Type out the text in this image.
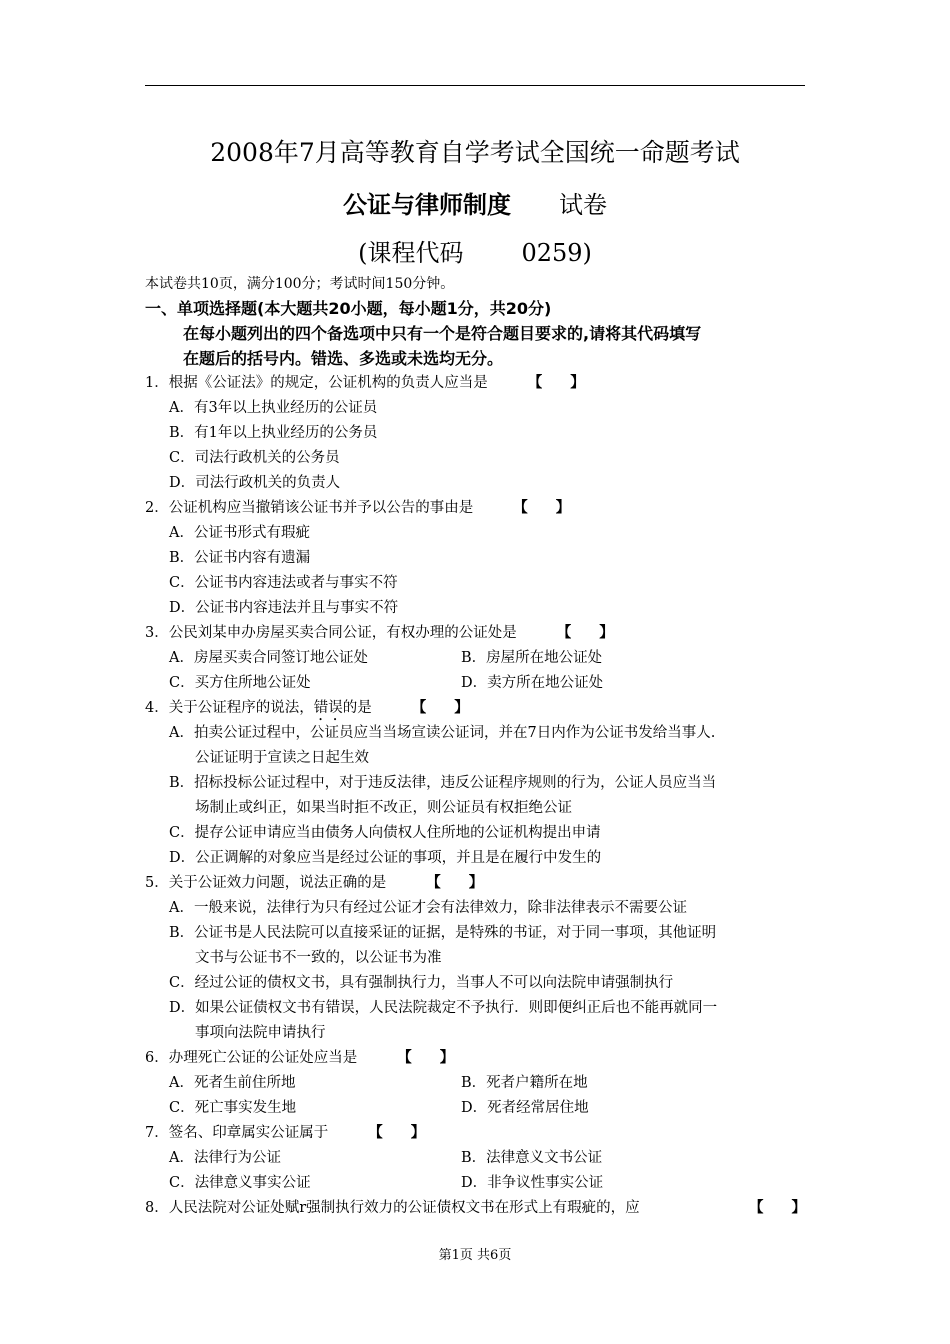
2008年7月高等教育自学考试全国统一命题考试
公证与律师制度 试卷
(课程代码 0259)
本试卷共10页，满分100分；考试时间150分钟。
一、单项选择题(本大题共20小题，每小题1分，共20分)
在每小题列出的四个备选项中只有一个是符合题目要求的,请将其代码填写
在题后的括号内。错选、多选或未选均无分。
1．根据《公证法》的规定，公证机构的负责人应当是	【 】
A．有3年以上执业经历的公证员
B．有1年以上执业经历的公务员
C．司法行政机关的公务员
D．司法行政机关的负责人
2．公证机构应当撤销该公证书并予以公告的事由是	【 】
A．公证书形式有瑕疵
B．公证书内容有遗漏
C．公证书内容违法或者与事实不符
D．公证书内容违法并且与事实不符
3．公民刘某申办房屋买卖合同公证，有权办理的公证处是	【 】
A．房屋买卖合同签订地公证处	B．房屋所在地公证处
C．买方住所地公证处	D．卖方所在地公证处
4．关于公证程序的说法，错误的是	【 】
A．拍卖公证过程中，公证员应当当场宣读公证词，并在7日内作为公证书发给当事人.
公证证明于宣读之日起生效
B．招标投标公证过程中，对于违反法律，违反公证程序规则的行为，公证人员应当当
场制止或纠正，如果当时拒不改正，则公证员有权拒绝公证
C．提存公证申请应当由债务人向债权人住所地的公证机构提出申请
D．公正调解的对象应当是经过公证的事项，并且是在履行中发生的
5．关于公证效力问题，说法正确的是	【 】
A．一般来说，法律行为只有经过公证才会有法律效力，除非法律表示不需要公证
B．公证书是人民法院可以直接采证的证据，是特殊的书证，对于同一事项，其他证明
文书与公证书不一致的，以公证书为准
C．经过公证的债权文书，具有强制执行力，当事人不可以向法院申请强制执行
D．如果公证债权文书有错误，人民法院裁定不予执行．则即便纠正后也不能再就同一
事项向法院申请执行
6．办理死亡公证的公证处应当是	【 】
A．死者生前住所地	B．死者户籍所在地
C．死亡事实发生地	D．死者经常居住地
7．签名、印章属实公证属于	【 】
A．法律行为公证	B．法律意义文书公证
C．法律意义事实公证	D．非争议性事实公证
8．人民法院对公证处赋r强制执行效力的公证债权文书在形式上有瑕疵的，应	【 】
第1页 共6页
